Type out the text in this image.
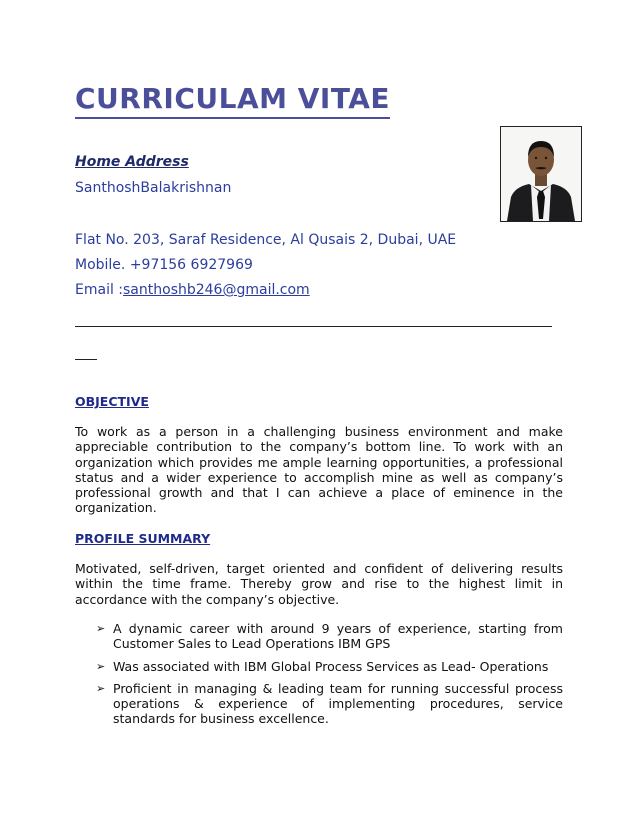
CURRICULAM VITAE
Home Address
SanthoshBalakrishnan
Flat No. 203, Saraf Residence, Al Qusais 2, Dubai, UAE
Mobile. +97156 6927969
Email :santhoshb246@gmail.com
OBJECTIVE

To work as a person in a challenging business environment and make appreciable contribution to the company’s bottom line. To work with an organization which provides me ample learning opportunities, a professional status and a wider experience to accomplish mine as well as company’s professional growth and that I can achieve a place of eminence in the organization.

PROFILE SUMMARY

Motivated, self-driven, target oriented and confident of delivering results within the time frame. Thereby grow and rise to the highest limit in accordance with the company’s objective.

➢ A dynamic career with around 9 years of experience, starting from Customer Sales to Lead Operations IBM GPS
➢ Was associated with IBM Global Process Services as Lead- Operations
➢ Proficient in managing & leading team for running successful process operations & experience of implementing procedures, service standards for business excellence.
